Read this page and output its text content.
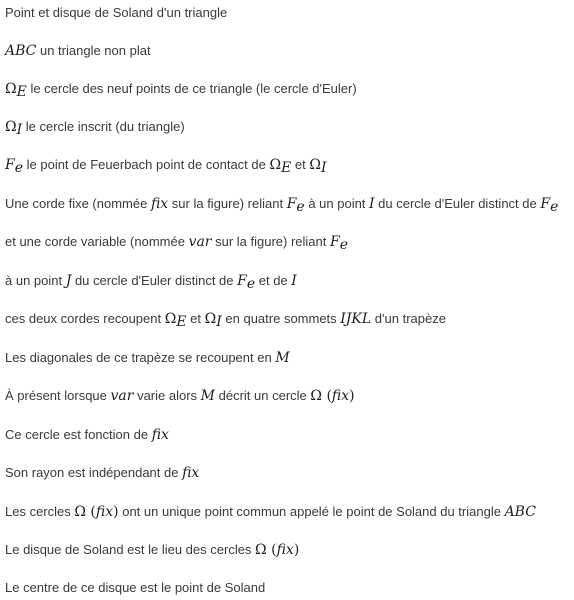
Point et disque de Soland d'un triangle
ABC un triangle non plat
$\Omega_E$ le cercle des neuf points de ce triangle (le cercle d'Euler)
$\Omega_I$ le cercle inscrit (du triangle)
$F_e$ le point de Feuerbach point de contact de $\Omega_E$ et $\Omega_I$
Une corde fixe (nommée fix sur la figure) reliant $F_e$ à un point I du cercle d'Euler distinct de $F_e$
et une corde variable (nommée var sur la figure) reliant $F_e$
à un point J du cercle d'Euler distinct de $F_e$ et de I
ces deux cordes recoupent $\Omega_E$ et $\Omega_I$ en quatre sommets IJKL d'un trapèze
Les diagonales de ce trapèze se recoupent en M
À présent lorsque var varie alors M décrit un cercle Ω (fix)
Ce cercle est fonction de fix
Son rayon est indépendant de fix
Les cercles Ω (fix) ont un unique point commun appelé le point de Soland du triangle ABC
Le disque de Soland est le lieu des cercles Ω (fix)
Le centre de ce disque est le point de Soland
